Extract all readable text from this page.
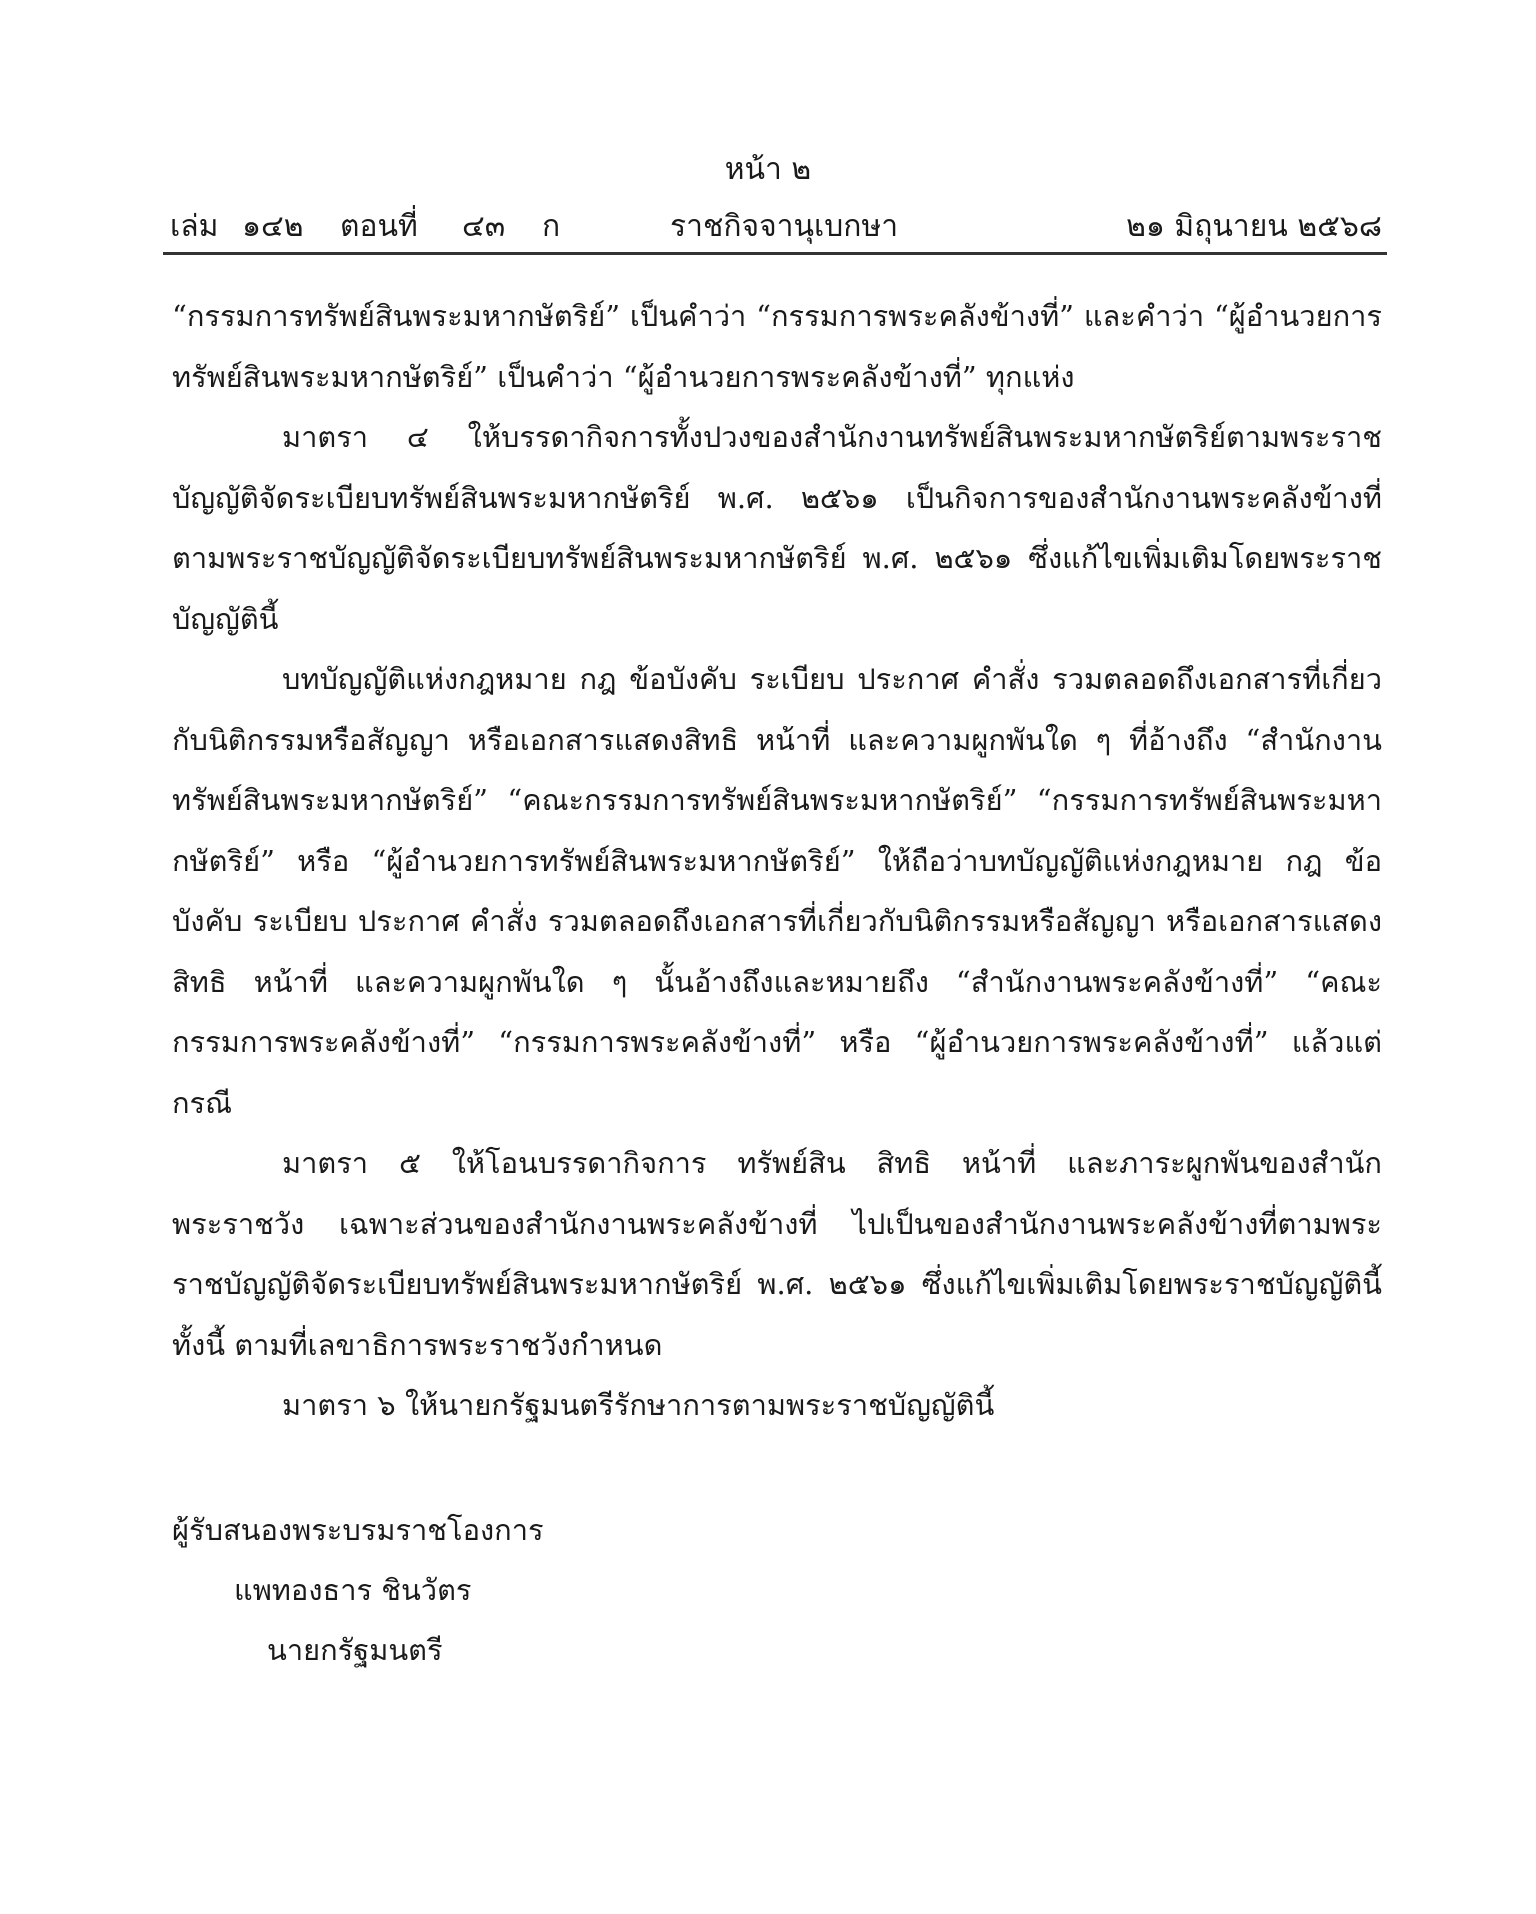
หน้า ๒
เล่ม ๑๔๒ ตอนที่ ๔๓ ก	ราชกิจจานุเบกษา	๒๑ มิถุนายน ๒๕๖๘

“กรรมการทรัพย์สินพระมหากษัตริย์” เป็นคำว่า “กรรมการพระคลังข้างที่” และคำว่า “ผู้อำนวยการทรัพย์สินพระมหากษัตริย์” เป็นคำว่า “ผู้อำนวยการพระคลังข้างที่” ทุกแห่ง

มาตรา ๔ ให้บรรดากิจการทั้งปวงของสำนักงานทรัพย์สินพระมหากษัตริย์ตามพระราชบัญญัติจัดระเบียบทรัพย์สินพระมหากษัตริย์ พ.ศ. ๒๕๖๑ เป็นกิจการของสำนักงานพระคลังข้างที่ตามพระราชบัญญัติจัดระเบียบทรัพย์สินพระมหากษัตริย์ พ.ศ. ๒๕๖๑ ซึ่งแก้ไขเพิ่มเติมโดยพระราชบัญญัตินี้

บทบัญญัติแห่งกฎหมาย กฎ ข้อบังคับ ระเบียบ ประกาศ คำสั่ง รวมตลอดถึงเอกสารที่เกี่ยวกับนิติกรรมหรือสัญญา หรือเอกสารแสดงสิทธิ หน้าที่ และความผูกพันใด ๆ ที่อ้างถึง “สำนักงานทรัพย์สินพระมหากษัตริย์” “คณะกรรมการทรัพย์สินพระมหากษัตริย์” “กรรมการทรัพย์สินพระมหากษัตริย์” หรือ “ผู้อำนวยการทรัพย์สินพระมหากษัตริย์” ให้ถือว่าบทบัญญัติแห่งกฎหมาย กฎ ข้อบังคับ ระเบียบ ประกาศ คำสั่ง รวมตลอดถึงเอกสารที่เกี่ยวกับนิติกรรมหรือสัญญา หรือเอกสารแสดงสิทธิ หน้าที่ และความผูกพันใด ๆ นั้นอ้างถึงและหมายถึง “สำนักงานพระคลังข้างที่” “คณะกรรมการพระคลังข้างที่” “กรรมการพระคลังข้างที่” หรือ “ผู้อำนวยการพระคลังข้างที่” แล้วแต่กรณี

มาตรา ๕ ให้โอนบรรดากิจการ ทรัพย์สิน สิทธิ หน้าที่ และภาระผูกพันของสำนักพระราชวัง เฉพาะส่วนของสำนักงานพระคลังข้างที่ ไปเป็นของสำนักงานพระคลังข้างที่ตามพระราชบัญญัติจัดระเบียบทรัพย์สินพระมหากษัตริย์ พ.ศ. ๒๕๖๑ ซึ่งแก้ไขเพิ่มเติมโดยพระราชบัญญัตินี้ ทั้งนี้ ตามที่เลขาธิการพระราชวังกำหนด

มาตรา ๖ ให้นายกรัฐมนตรีรักษาการตามพระราชบัญญัตินี้

ผู้รับสนองพระบรมราชโองการ
แพทองธาร ชินวัตร
นายกรัฐมนตรี
